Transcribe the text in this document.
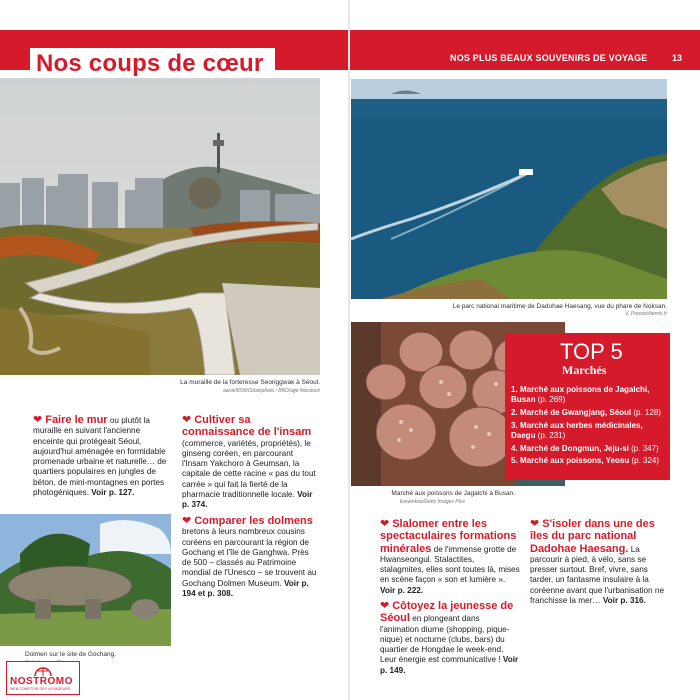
Nos coups de cœur	NOS PLUS BEAUX SOUVENIRS DE VOYAGE	13
La muraille de la forteresse Seonggwak à Séoul.
aarok9039/iStockphoto / BRD/age fotostock
Le parc national maritime de Dadohae Haesang, vue du phare de Noksan.
V. Prevost/hemis.fr
Marché aux poissons de Jagalchi à Busan.
kunamkoo/Getty Images Plus
TOP 5
Marchés
1. Marché aux poissons de Jagalchi, Busan (p. 269)
2. Marché de Gwangjang, Séoul (p. 128)
3. Marché aux herbes médicinales, Daegu (p. 231)
4. Marché de Dongmun, Jeju-si (p. 347)
5. Marché aux poissons, Yeosu (p. 324)
❤ Faire le mur ou plutôt la muraille en suivant l'ancienne enceinte qui protégeait Séoul, aujourd'hui aménagée en formidable promenade urbaine et naturelle… de quartiers populaires en jungles de béton, de mini-montagnes en portes photogéniques. Voir p. 127.
❤ Cultiver sa connaissance de l'insam (commerce, variétés, propriétés), le ginseng coréen, en parcourant l'Insam Yakchoro à Geumsan, la capitale de cette racine « pas du tout carrée » qui fait la fierté de la pharmacie traditionnelle locale. Voir p. 374.
❤ Comparer les dolmens bretons à leurs nombreux cousins coréens en parcourant la région de Gochang et l'île de Ganghwa. Près de 500 – classés au Patrimoine mondial de l'Unesco – se trouvent au Gochang Dolmen Museum. Voir p. 194 et p. 308.
Dolmen sur le site de Gochang.
❤ Slalomer entre les spectaculaires formations minérales de l'immense grotte de Hwanseongul. Stalactites, stalagmites, elles sont toutes là, mises en scène façon « son et lumière ». Voir p. 222.
❤ Côtoyez la jeunesse de Séoul en plongeant dans l'animation diurne (shopping, pique-nique) et nocturne (clubs, bars) du quartier de Hongdae le week-end. Leur énergie est communicative ! Voir p. 149.
❤ S'isoler dans une des îles du parc national Dadohae Haesang. La parcourir à pied, à vélo, sans se presser surtout. Bref, vivre, sans tarder, un fantasme insulaire à la coréenne avant que l'urbanisation ne franchisse la mer… Voir p. 316.
NOSTROMO
WEB COMPTOIR DES VOYAGEURS
